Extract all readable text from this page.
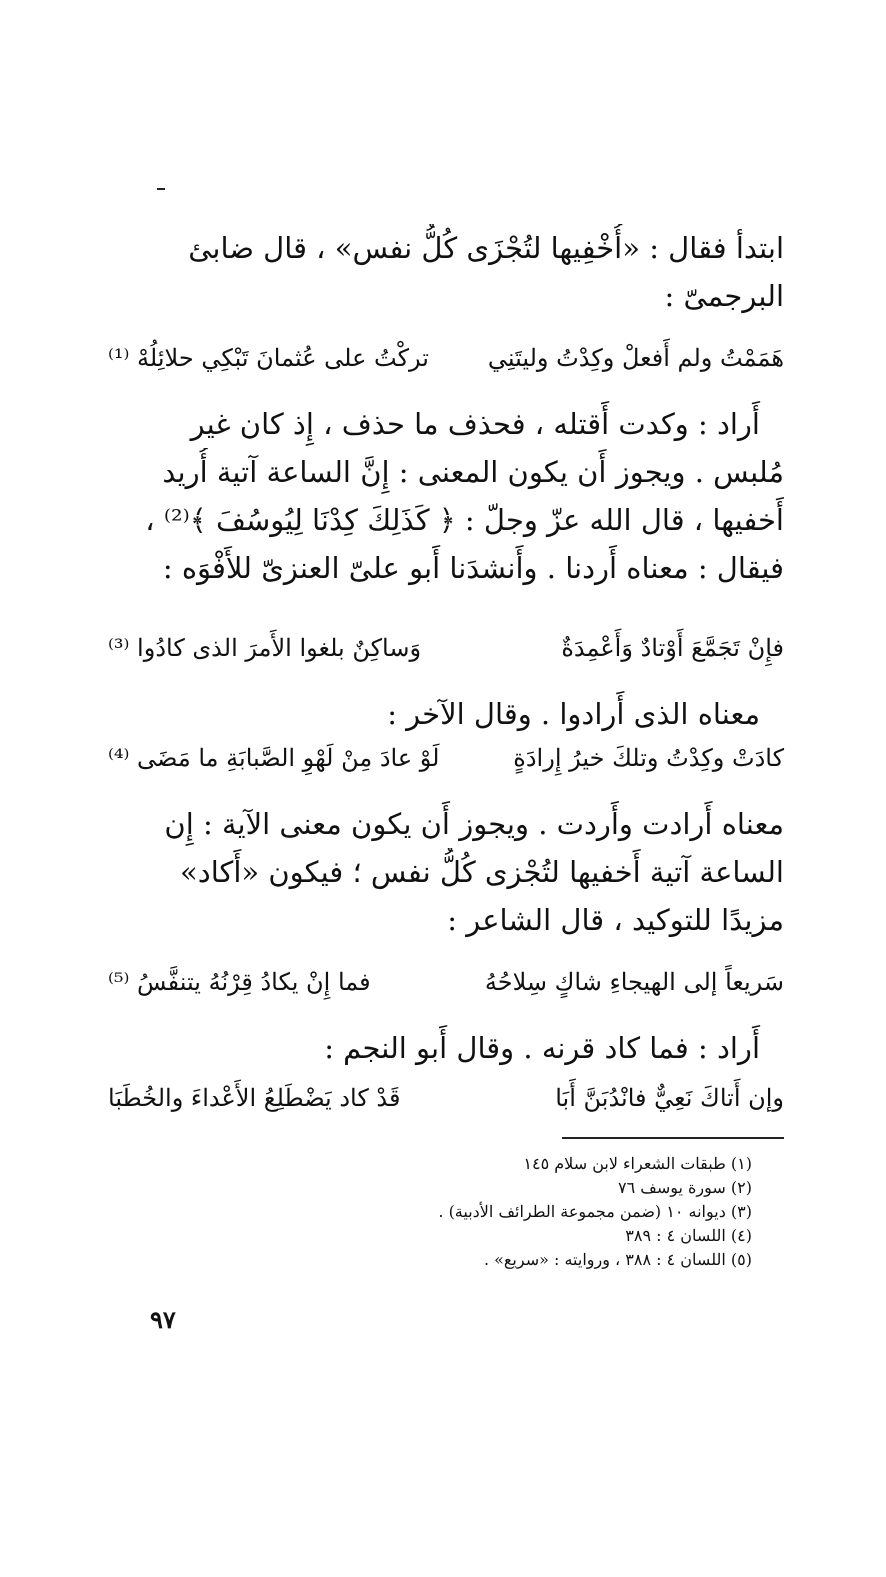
ابتدأ فقال : «أُخْفِيها لتُجْزَى كُلُّ نفس» ، قال ضابئ
البرجمىّ :
هَمَمْتُ ولم أَفعلْ وكِدْتُ وليتَنِي
تركْتُ على عُثمانَ تَبْكِي حلائِلُهْ ⁽¹⁾
أَراد : وكدت أَقتله ، فحذف ما حذف ، إِذ كان غير
مُلبس . ويجوز أَن يكون المعنى : إِنَّ الساعة آتية أُريد
أَخفيها ، قال الله عزّ وجلّ : ﴿ كَذَلِكَ كِدْنَا لِيُوسُفَ ﴾⁽²⁾ ،
فيقال : معناه أَردنا . وأَنشدَنا أَبو علىّ العنزىّ للأَفْوَه :
فإِنْ تَجَمَّعَ أَوْتادٌ وَأَعْمِدَةٌ
وَساكِنٌ بلغوا الأَمرَ الذى كادُوا ⁽³⁾
معناه الذى أَرادوا . وقال الآخر :
كادَتْ وكِدْتُ وتلكَ خيرُ إِرادَةٍ
لَوْ عادَ مِنْ لَهْوِ الصَّبابَةِ ما مَضَى ⁽⁴⁾
معناه أَرادت وأَردت . ويجوز أَن يكون معنى الآية : إِن
الساعة آتية أَخفيها لتُجْزى كُلُّ نفس ؛ فيكون «أَكاد»
مزيدًا للتوكيد ، قال الشاعر :
سَريعاً إلى الهيجاءِ شاكٍ سِلاحُهُ
فما إِنْ يكادُ قِرْنُهُ يتنفَّسُ ⁽⁵⁾
أَراد : فما كاد قرنه . وقال أَبو النجم :
وإن أَتاكَ نَعِيٌّ فانْدُبَنَّ أَبَا
قَدْ كاد يَضْطَلِعُ الأَعْداءَ والخُطَبَا
(١) طبقات الشعراء لابن سلام ١٤٥
(٢) سورة يوسف ٧٦
(٣) ديوانه ١٠ (ضمن مجموعة الطرائف الأدبية) .
(٤) اللسان ٤ : ٣٨٩
(٥) اللسان ٤ : ٣٨٨ ، وروايته : «سريع» .
٩٧
